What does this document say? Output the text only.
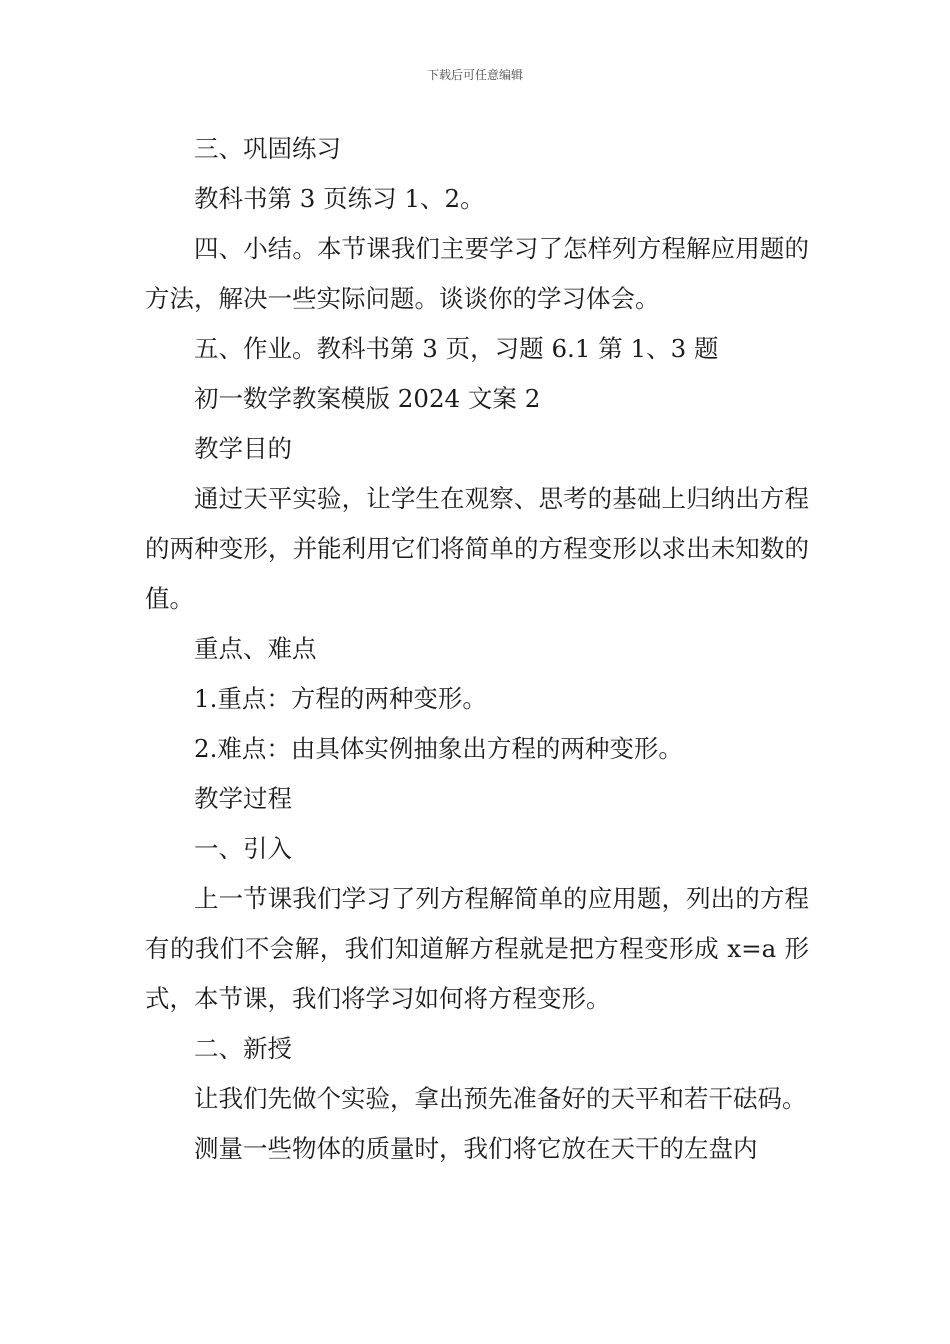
下载后可任意编辑

三、巩固练习

教科书第 3 页练习 1、2。

四、小结。本节课我们主要学习了怎样列方程解应用题的方法，解决一些实际问题。谈谈你的学习体会。

五、作业。教科书第 3 页，习题 6.1 第 1、3 题

初一数学教案模版 2024 文案 2

教学目的

通过天平实验，让学生在观察、思考的基础上归纳出方程的两种变形，并能利用它们将简单的方程变形以求出未知数的值。

重点、难点

1.重点：方程的两种变形。

2.难点：由具体实例抽象出方程的两种变形。

教学过程

一、引入

上一节课我们学习了列方程解简单的应用题，列出的方程有的我们不会解，我们知道解方程就是把方程变形成 x=a 形式，本节课，我们将学习如何将方程变形。

二、新授

让我们先做个实验，拿出预先准备好的天平和若干砝码。

测量一些物体的质量时，我们将它放在天干的左盘内
